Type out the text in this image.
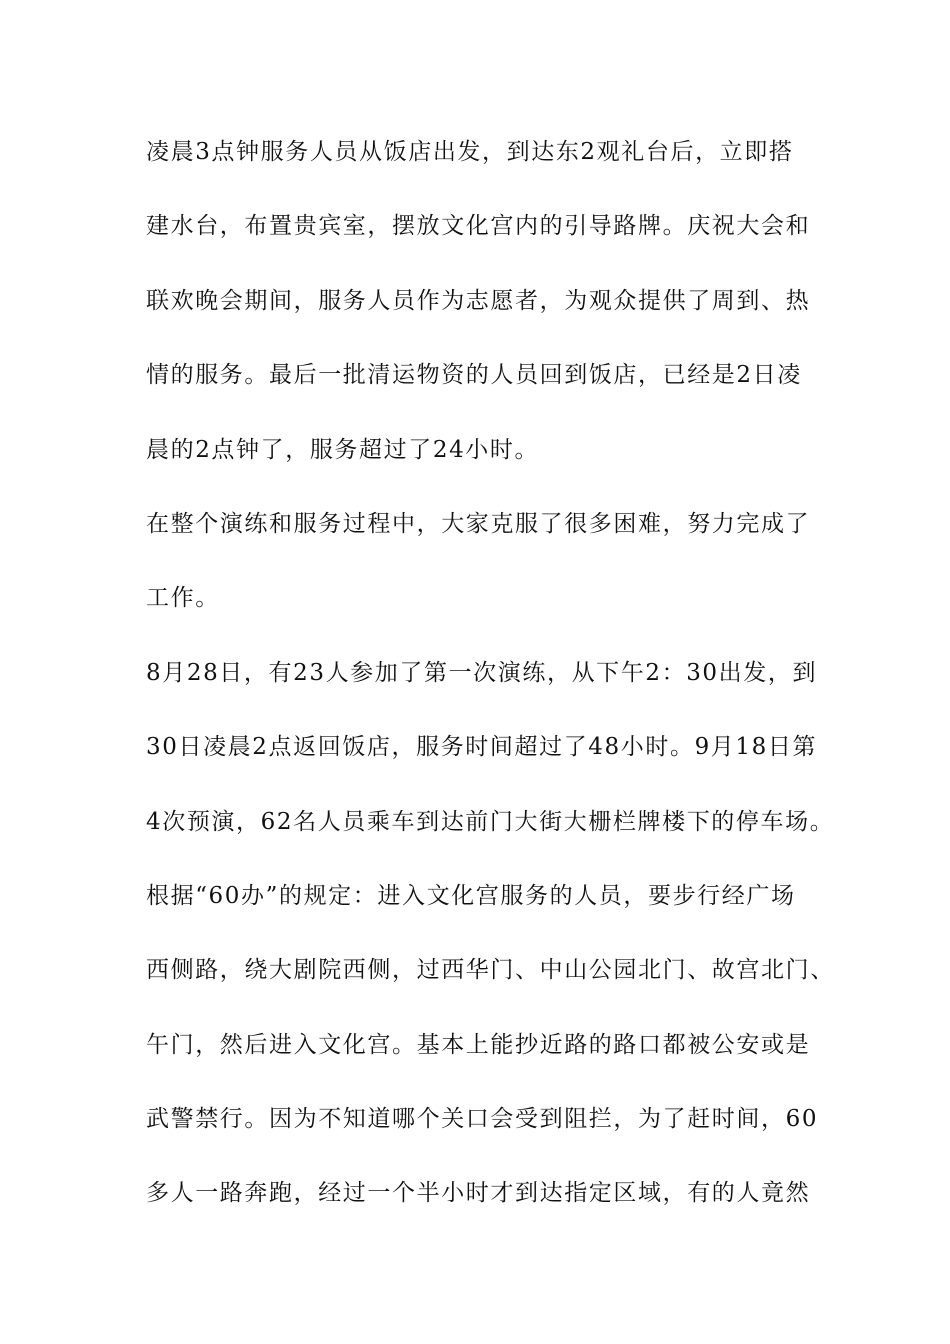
凌晨3点钟服务人员从饭店出发，到达东2观礼台后，立即搭
建水台，布置贵宾室，摆放文化宫内的引导路牌。庆祝大会和
联欢晚会期间，服务人员作为志愿者，为观众提供了周到、热
情的服务。最后一批清运物资的人员回到饭店，已经是2日凌
晨的2点钟了，服务超过了24小时。
在整个演练和服务过程中，大家克服了很多困难，努力完成了
工作。
8月28日，有23人参加了第一次演练，从下午2：30出发，到
30日凌晨2点返回饭店，服务时间超过了48小时。9月18日第
4次预演，62名人员乘车到达前门大街大栅栏牌楼下的停车场。
根据“60办”的规定：进入文化宫服务的人员，要步行经广场
西侧路，绕大剧院西侧，过西华门、中山公园北门、故宫北门、
午门，然后进入文化宫。基本上能抄近路的路口都被公安或是
武警禁行。因为不知道哪个关口会受到阻拦，为了赶时间，60
多人一路奔跑，经过一个半小时才到达指定区域，有的人竟然
